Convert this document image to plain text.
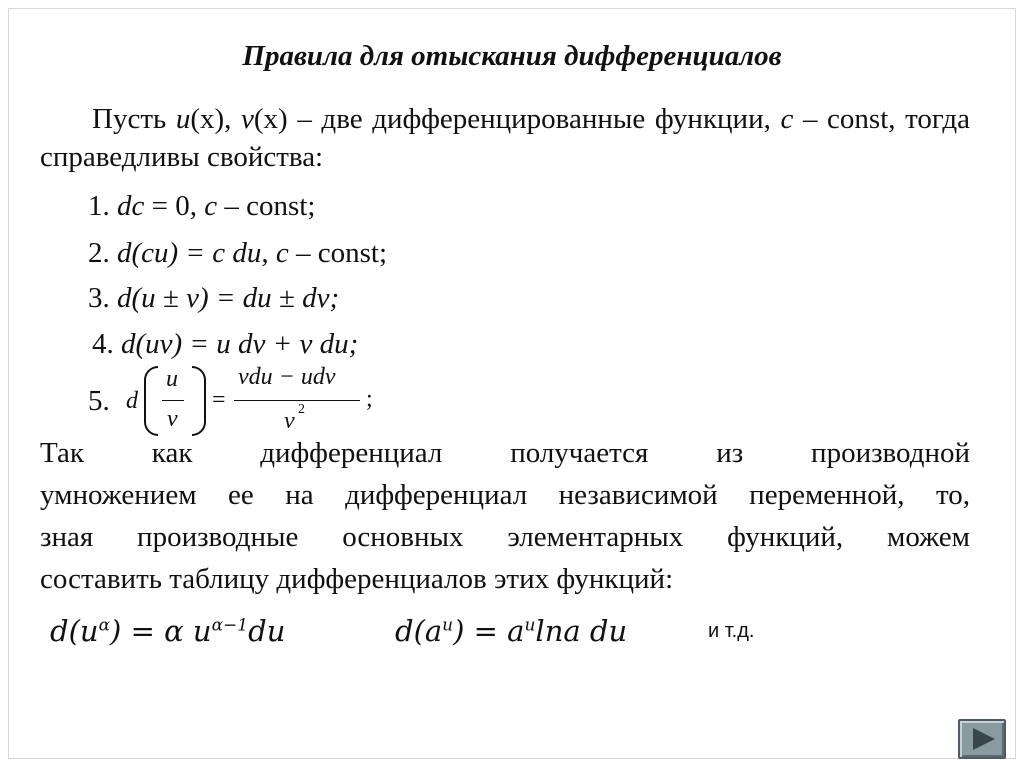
Правила для отыскания дифференциалов
Пусть u(x), v(x) – две дифференцированные функции, c – const, тогда справедливы свойства:
1. dc = 0, c – const;
2. d(cu) = c du, c – const;
3. d(u ± v) = du ± dv;
4. d(uv) = u dv + v du;
5. d
u
v
=
vdu − udv
v 2	;
Так как дифференциал получается из производной
умножением ее на дифференциал независимой переменной, то,
зная производные основных элементарных функций, можем
составить таблицу дифференциалов этих функций:
$d(u^\alpha) = \alpha$ $u^{\alpha-1}du$	$d(a^u) = a^u\ln a$ du	и т.д.
